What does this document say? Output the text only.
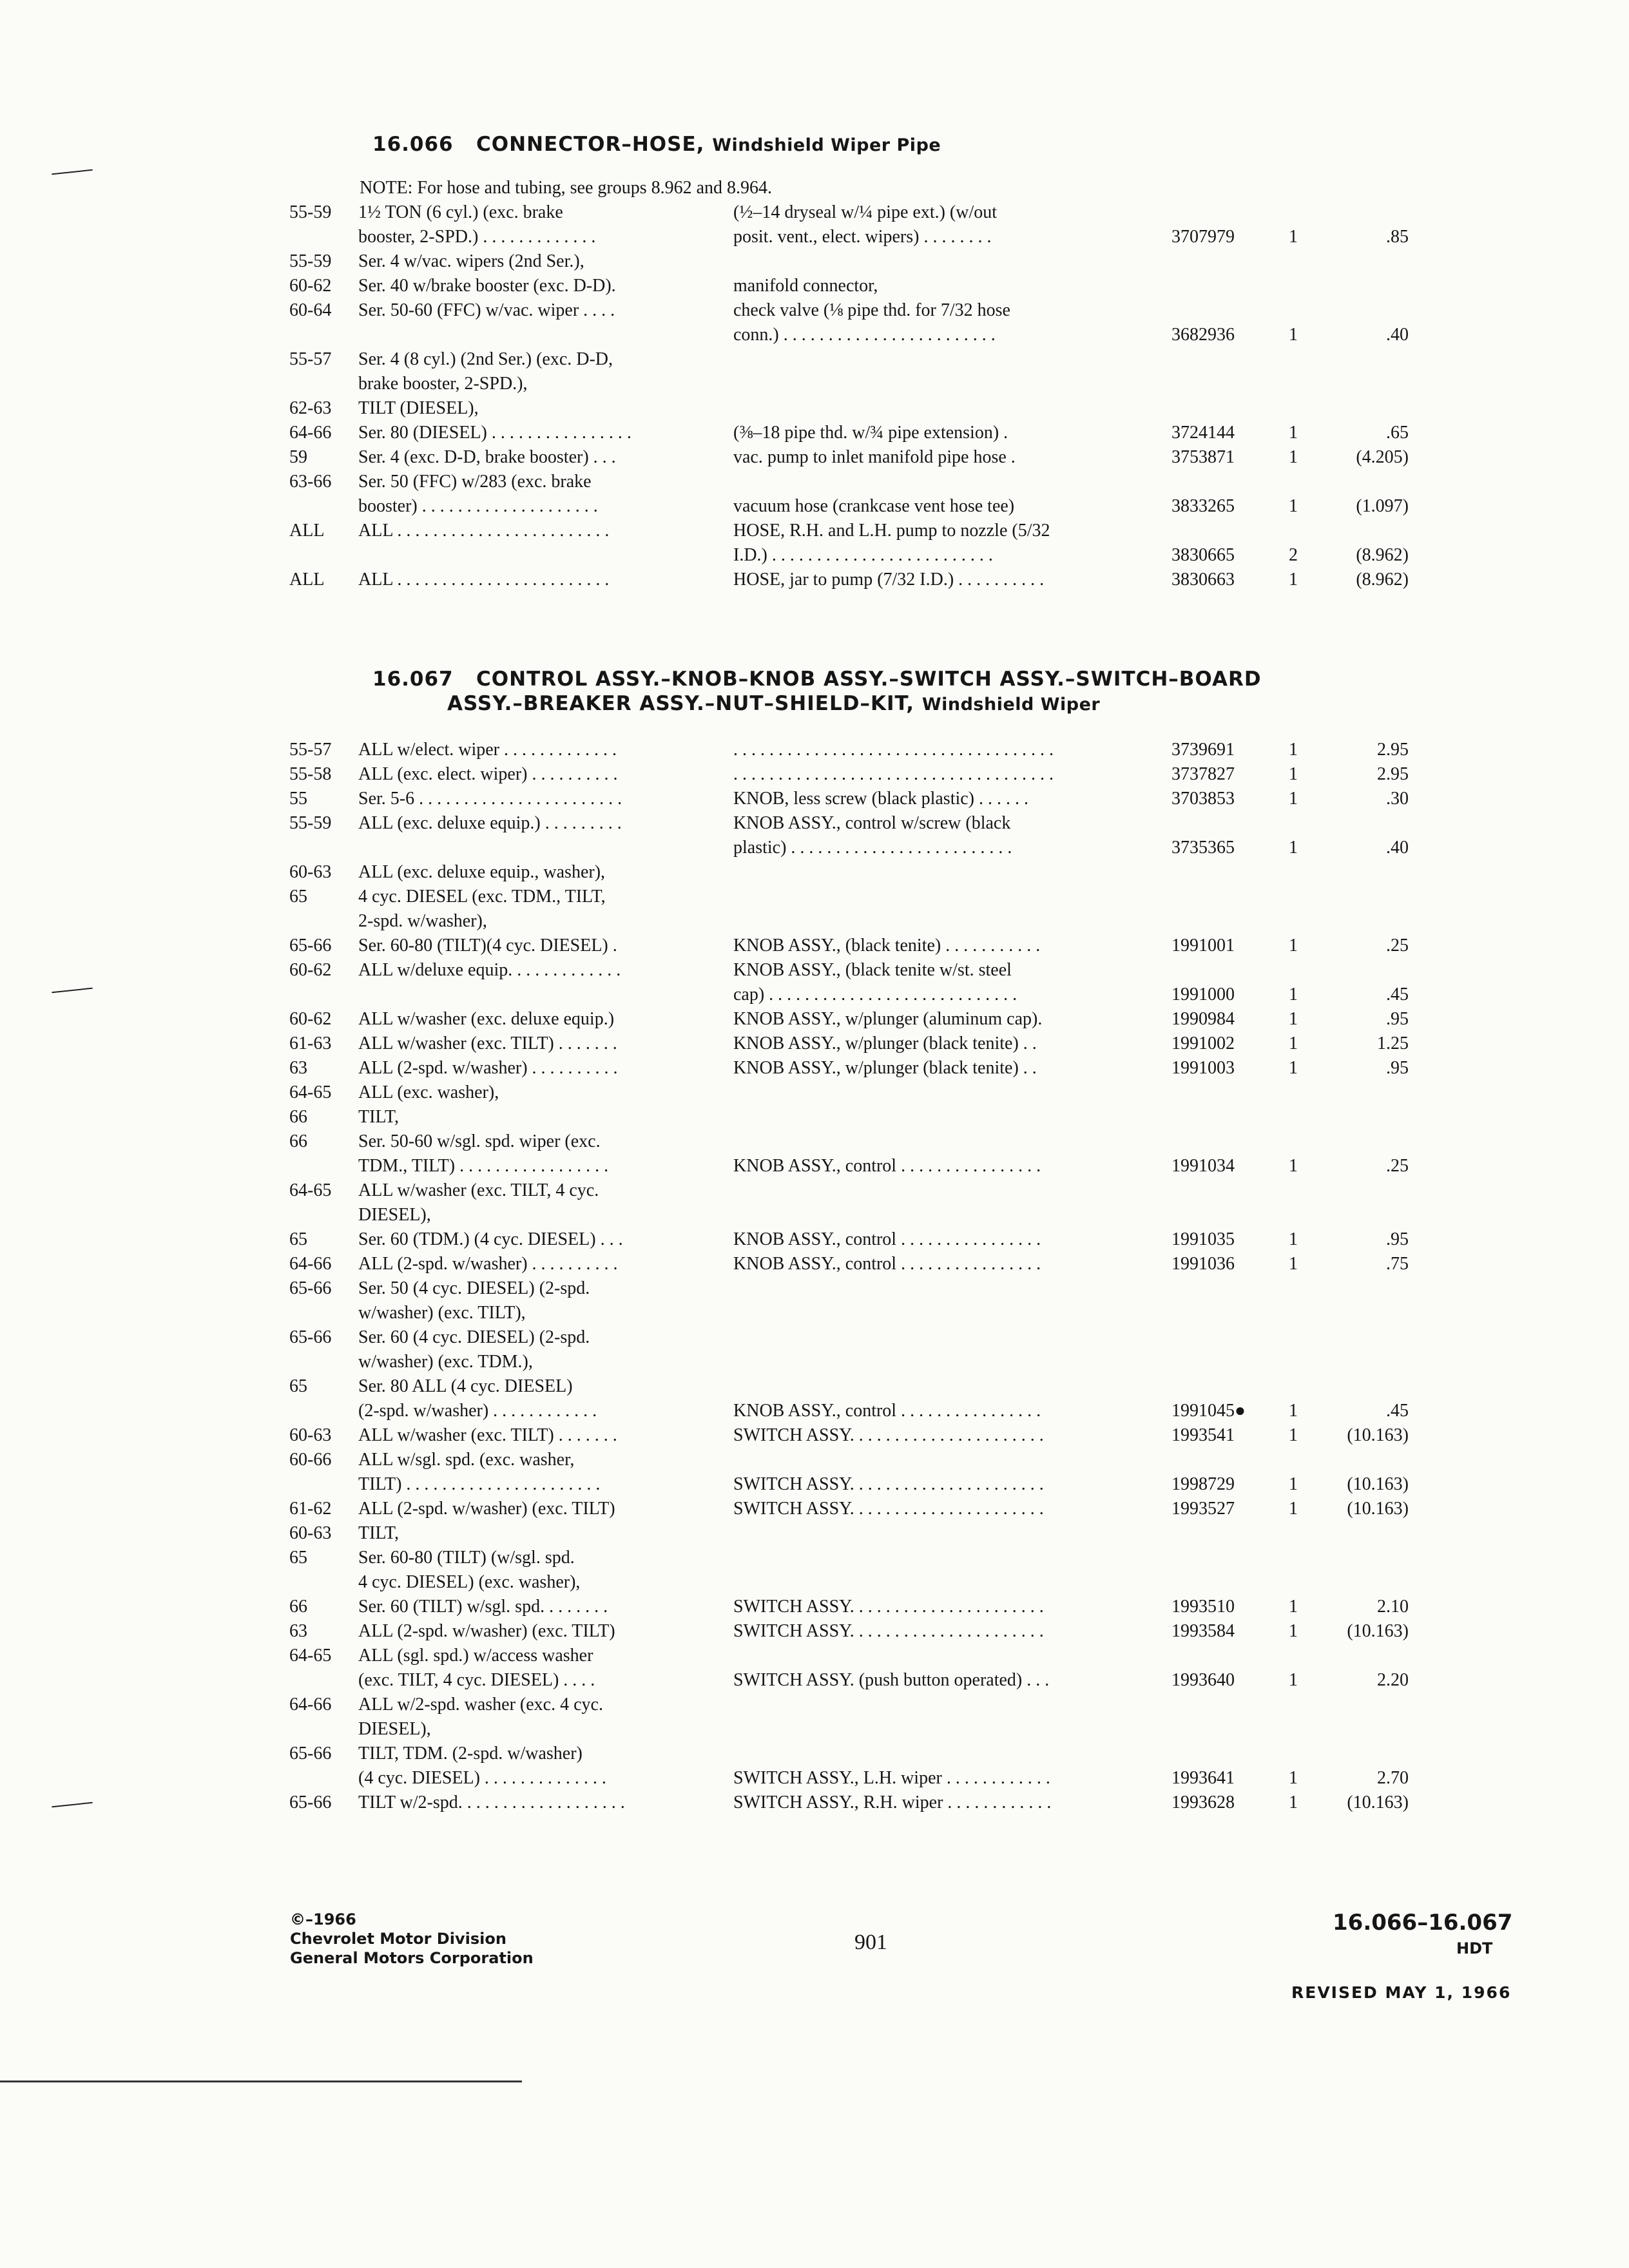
16.066 CONNECTOR–HOSE, Windshield Wiper Pipe
NOTE: For hose and tubing, see groups 8.962 and 8.964.
55-59 1½ TON (6 cyl.) (exc. brake	(½–14 dryseal w/¼ pipe ext.) (w/out
booster, 2-SPD.) . . . . . . . . . . . . .	posit. vent., elect. wipers) . . . . . . . .	3707979	1	.85
55-59 Ser. 4 w/vac. wipers (2nd Ser.),
60-62 Ser. 40 w/brake booster (exc. D-D).	manifold connector,
60-64 Ser. 50-60 (FFC) w/vac. wiper . . . .	check valve (⅛ pipe thd. for 7/32 hose
conn.) . . . . . . . . . . . . . . . . . . . . . . . .	3682936	1	.40
55-57 Ser. 4 (8 cyl.) (2nd Ser.) (exc. D-D,
brake booster, 2-SPD.),
62-63 TILT (DIESEL),
64-66 Ser. 80 (DIESEL) . . . . . . . . . . . . . . . .	(⅜–18 pipe thd. w/¾ pipe extension) .	3724144	1	.65
59	Ser. 4 (exc. D-D, brake booster) . . .	vac. pump to inlet manifold pipe hose .	3753871	1	(4.205)
63-66 Ser. 50 (FFC) w/283 (exc. brake
booster) . . . . . . . . . . . . . . . . . . . .	vacuum hose (crankcase vent hose tee)	3833265	1	(1.097)
ALL ALL . . . . . . . . . . . . . . . . . . . . . . . .	HOSE, R.H. and L.H. pump to nozzle (5/32
I.D.) . . . . . . . . . . . . . . . . . . . . . . . . .	3830665	2	(8.962)
ALL ALL . . . . . . . . . . . . . . . . . . . . . . . .	HOSE, jar to pump (7/32 I.D.) . . . . . . . . . .	3830663	1	(8.962)
16.067 CONTROL ASSY.–KNOB–KNOB ASSY.–SWITCH ASSY.–SWITCH–BOARD
ASSY.–BREAKER ASSY.–NUT–SHIELD–KIT, Windshield Wiper
55-57 ALL w/elect. wiper . . . . . . . . . . . . .	. . . . . . . . . . . . . . . . . . . . . . . . . . . . . . . . . . . .	3739691	1	2.95
55-58 ALL (exc. elect. wiper) . . . . . . . . . .	. . . . . . . . . . . . . . . . . . . . . . . . . . . . . . . . . . . .	3737827	1	2.95
55	Ser. 5-6 . . . . . . . . . . . . . . . . . . . . . . .	KNOB, less screw (black plastic) . . . . . .	3703853	1	.30
55-59 ALL (exc. deluxe equip.) . . . . . . . . .	KNOB ASSY., control w/screw (black
plastic) . . . . . . . . . . . . . . . . . . . . . . . . .	3735365	1	.40
60-63 ALL (exc. deluxe equip., washer),
65	4 cyc. DIESEL (exc. TDM., TILT,
2-spd. w/washer),
65-66 Ser. 60-80 (TILT)(4 cyc. DIESEL) .	KNOB ASSY., (black tenite) . . . . . . . . . . .	1991001	1	.25
60-62 ALL w/deluxe equip. . . . . . . . . . . . .	KNOB ASSY., (black tenite w/st. steel
cap) . . . . . . . . . . . . . . . . . . . . . . . . . . . .	1991000	1	.45
60-62 ALL w/washer (exc. deluxe equip.)	KNOB ASSY., w/plunger (aluminum cap).	1990984	1	.95
61-63 ALL w/washer (exc. TILT) . . . . . . .	KNOB ASSY., w/plunger (black tenite) . .	1991002	1	1.25
63	ALL (2-spd. w/washer) . . . . . . . . . .	KNOB ASSY., w/plunger (black tenite) . .	1991003	1	.95
64-65 ALL (exc. washer),
66	TILT,
66	Ser. 50-60 w/sgl. spd. wiper (exc.
TDM., TILT) . . . . . . . . . . . . . . . . .	KNOB ASSY., control . . . . . . . . . . . . . . . .	1991034	1	.25
64-65 ALL w/washer (exc. TILT, 4 cyc.
DIESEL),
65	Ser. 60 (TDM.) (4 cyc. DIESEL) . . .	KNOB ASSY., control . . . . . . . . . . . . . . . .	1991035	1	.95
64-66 ALL (2-spd. w/washer) . . . . . . . . . .	KNOB ASSY., control . . . . . . . . . . . . . . . .	1991036	1	.75
65-66 Ser. 50 (4 cyc. DIESEL) (2-spd.
w/washer) (exc. TILT),
65-66 Ser. 60 (4 cyc. DIESEL) (2-spd.
w/washer) (exc. TDM.),
65	Ser. 80 ALL (4 cyc. DIESEL)
(2-spd. w/washer) . . . . . . . . . . . .	KNOB ASSY., control . . . . . . . . . . . . . . . .	1991045● 1	.45
60-63 ALL w/washer (exc. TILT) . . . . . . .	SWITCH ASSY. . . . . . . . . . . . . . . . . . . . . .	1993541	1	(10.163)
60-66 ALL w/sgl. spd. (exc. washer,
TILT) . . . . . . . . . . . . . . . . . . . . . .	SWITCH ASSY. . . . . . . . . . . . . . . . . . . . . .	1998729	1	(10.163)
61-62 ALL (2-spd. w/washer) (exc. TILT)	SWITCH ASSY. . . . . . . . . . . . . . . . . . . . . .	1993527	1	(10.163)
60-63 TILT,
65	Ser. 60-80 (TILT) (w/sgl. spd.
4 cyc. DIESEL) (exc. washer),
66	Ser. 60 (TILT) w/sgl. spd. . . . . . . .	SWITCH ASSY. . . . . . . . . . . . . . . . . . . . . .	1993510	1	2.10
63	ALL (2-spd. w/washer) (exc. TILT)	SWITCH ASSY. . . . . . . . . . . . . . . . . . . . . .	1993584	1	(10.163)
64-65 ALL (sgl. spd.) w/access washer
(exc. TILT, 4 cyc. DIESEL) . . . .	SWITCH ASSY. (push button operated) . . .	1993640	1	2.20
64-66 ALL w/2-spd. washer (exc. 4 cyc.
DIESEL),
65-66 TILT, TDM. (2-spd. w/washer)
(4 cyc. DIESEL) . . . . . . . . . . . . . .	SWITCH ASSY., L.H. wiper . . . . . . . . . . . .	1993641	1	2.70
65-66 TILT w/2-spd. . . . . . . . . . . . . . . . . . .	SWITCH ASSY., R.H. wiper . . . . . . . . . . . .	1993628	1	(10.163)
©–1966
Chevrolet Motor Division
General Motors Corporation
901
16.066–16.067
HDT
REVISED MAY 1, 1966
